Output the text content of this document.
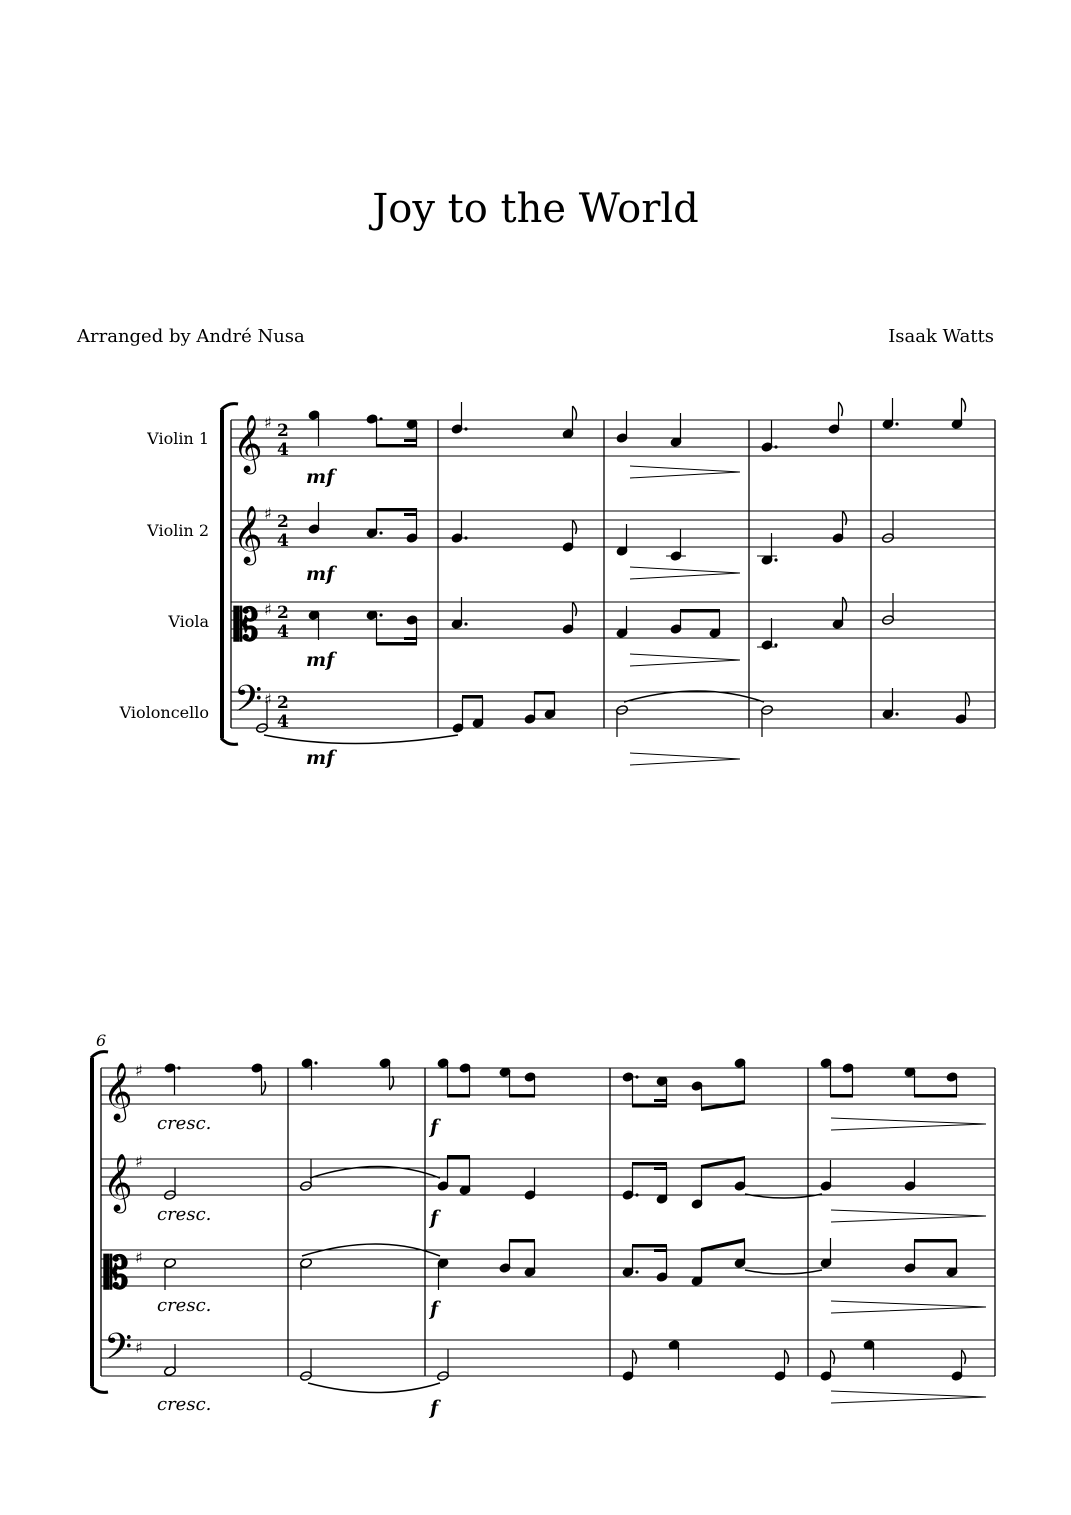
Joy to the World
Arranged by André Nusa	Isaak Watts
Violin 1
Violin 2
Viola
Violoncello
𝄞
𝄞
𝄡
𝄢
♯
♯
♯
♯
2
4
2
4
2
4
2
4
mf
mf
mf
mf
6
𝄞
𝄞
𝄡
𝄢
♯
♯
♯
♯
cresc.	f
cresc.	f
cresc.	f
cresc.	f
